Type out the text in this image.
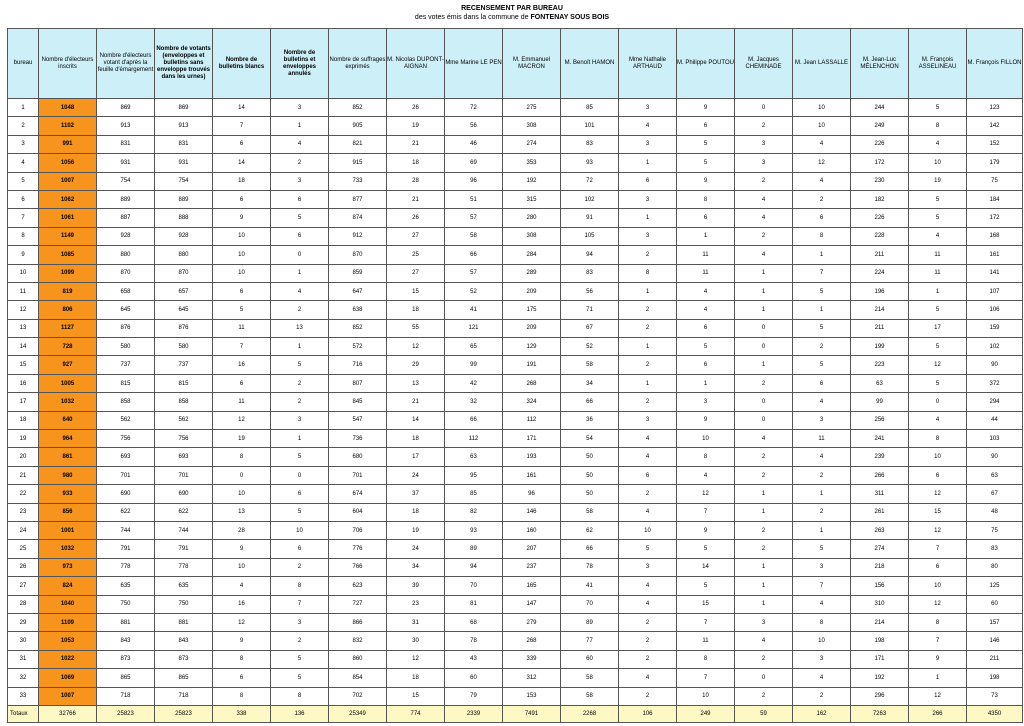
RECENSEMENT PAR BUREAU
des votes émis dans la commune de FONTENAY SOUS BOIS
bureau	Nombre d'électeurs inscrits	Nombre d'électeurs votant d'après la feuille d'émargement	Nombre de votants (enveloppes et bulletins sans enveloppe trouvés dans les urnes)	Nombre de bulletins blancs	Nombre de bulletins et enveloppes annulés	Nombre de suffrages exprimés	M. Nicolas DUPONT-AIGNAN	Mme Marine LE PEN	M. Emmanuel MACRON	M. Benoît HAMON	Mme Nathalie ARTHAUD	M. Philippe POUTOU	M. Jacques CHEMINADE	M. Jean LASSALLE	M. Jean-Luc MÉLENCHON	M. François ASSELINEAU	M. François FILLON
1	1048	869	869	14	3	852	26	72	275	85	3	9	0	10	244	5	123
2	1102	913	913	7	1	905	19	56	308	101	4	6	2	10	249	8	142
3	991	831	831	6	4	821	21	46	274	83	3	5	3	4	226	4	152
4	1056	931	931	14	2	915	18	69	353	93	1	5	3	12	172	10	179
5	1007	754	754	18	3	733	28	96	192	72	6	9	2	4	230	19	75
6	1062	889	889	6	6	877	21	51	315	102	3	8	4	2	182	5	184
7	1061	887	888	9	5	874	26	57	280	91	1	6	4	6	226	5	172
8	1149	928	928	10	6	912	27	58	308	105	3	1	2	8	228	4	168
9	1085	880	880	10	0	870	25	66	284	94	2	11	4	1	211	11	161
10	1099	870	870	10	1	859	27	57	289	83	8	11	1	7	224	11	141
11	819	658	657	6	4	647	15	52	209	56	1	4	1	5	196	1	107
12	806	645	645	5	2	638	18	41	175	71	2	4	1	1	214	5	106
13	1127	876	876	11	13	852	55	121	209	67	2	6	0	5	211	17	159
14	728	580	580	7	1	572	12	65	129	52	1	5	0	2	199	5	102
15	927	737	737	16	5	716	29	99	191	58	2	6	1	5	223	12	90
16	1005	815	815	6	2	807	13	42	268	34	1	1	2	6	63	5	372
17	1032	858	858	11	2	845	21	32	324	66	2	3	0	4	99	0	294
18	640	562	562	12	3	547	14	66	112	36	3	9	0	3	256	4	44
19	964	756	756	19	1	736	18	112	171	54	4	10	4	11	241	8	103
20	861	693	693	8	5	680	17	63	193	50	4	8	2	4	239	10	90
21	980	701	701	0	0	701	24	95	161	50	6	4	2	2	266	6	63
22	933	690	690	10	6	674	37	85	96	50	2	12	1	1	311	12	67
23	856	622	622	13	5	604	18	82	146	58	4	7	1	2	261	15	48
24	1001	744	744	28	10	706	19	93	160	62	10	9	2	1	263	12	75
25	1032	791	791	9	6	776	24	89	207	66	5	5	2	5	274	7	83
26	973	778	778	10	2	766	34	94	237	78	3	14	1	3	218	6	80
27	824	635	635	4	8	623	39	70	165	41	4	5	1	7	156	10	125
28	1040	750	750	16	7	727	23	81	147	70	4	15	1	4	310	12	60
29	1109	881	881	12	3	866	31	68	279	89	2	7	3	8	214	8	157
30	1053	843	843	9	2	832	30	78	268	77	2	11	4	10	198	7	146
31	1022	873	873	8	5	860	12	43	339	60	2	8	2	3	171	9	211
32	1069	865	865	6	5	854	18	60	312	58	4	7	0	4	192	1	198
33	1007	718	718	8	8	702	15	79	153	58	2	10	2	2	296	12	73
Totaux	32766	25823	25823	338	136	25349	774	2339	7491	2268	106	249	59	162	7263	266	4350
